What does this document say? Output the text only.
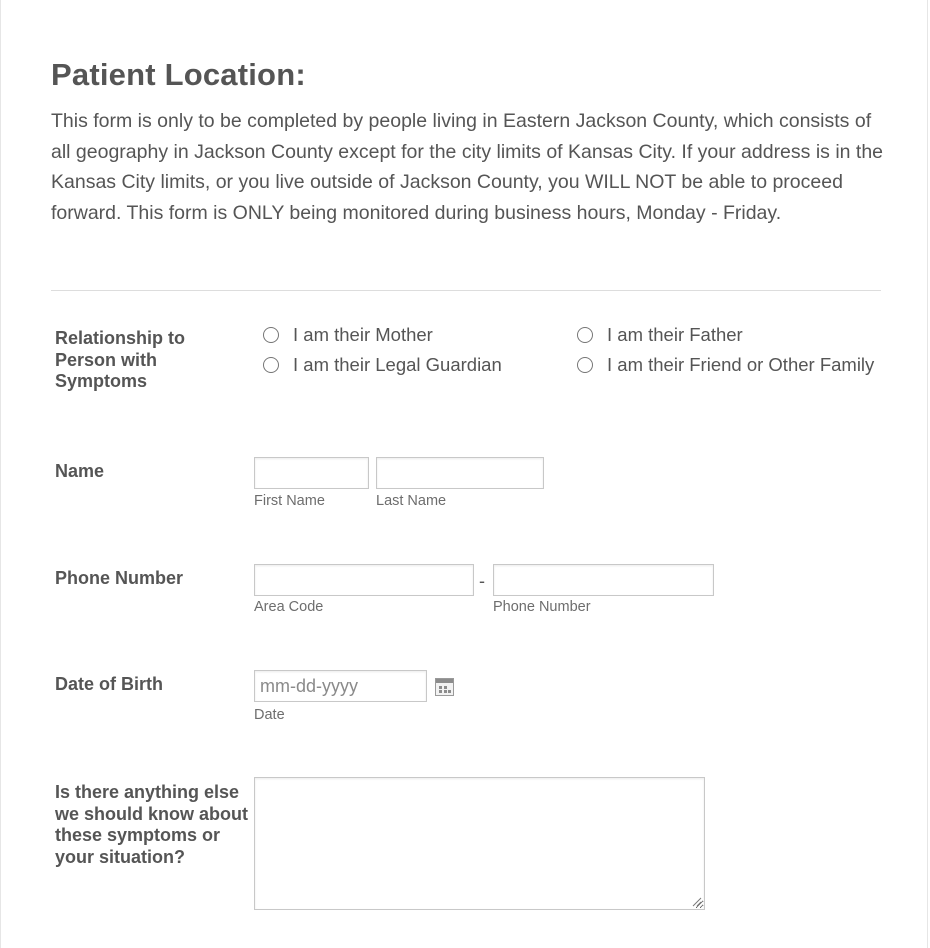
Patient Location:

This form is only to be completed by people living in Eastern Jackson County, which consists of all geography in Jackson County except for the city limits of Kansas City. If your address is in the Kansas City limits, or you live outside of Jackson County, you WILL NOT be able to proceed forward. This form is ONLY being monitored during business hours, Monday - Friday.

Relationship to Person with Symptoms
I am their Mother	I am their Father
I am their Legal Guardian	I am their Friend or Other Family
Name
First Name	Last Name
Phone Number
Area Code
-
Phone Number
Date of Birth
mm-dd-yyyy
Date
Is there anything else we should know about these symptoms or your situation?
